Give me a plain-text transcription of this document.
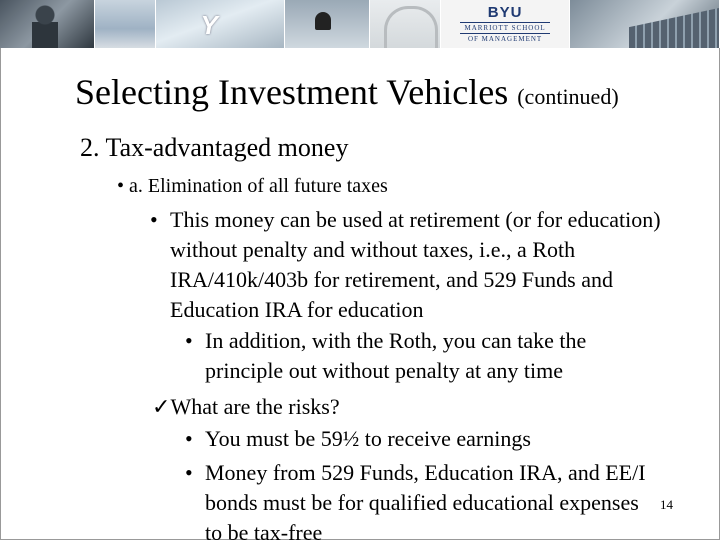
Y	BYU
MARRIOTT SCHOOL
OF MANAGEMENT
Selecting Investment Vehicles (continued)
2. Tax-advantaged money
• a. Elimination of all future taxes
• This money can be used at retirement (or for education) without penalty and without taxes, i.e., a Roth IRA/410k/403b for retirement, and 529 Funds and Education IRA for education
• In addition, with the Roth, you can take the principle out without penalty at any time
✓What are the risks?
• You must be 59½ to receive earnings
• Money from 529 Funds, Education IRA, and EE/I bonds must be for qualified educational expenses to be tax-free
14
